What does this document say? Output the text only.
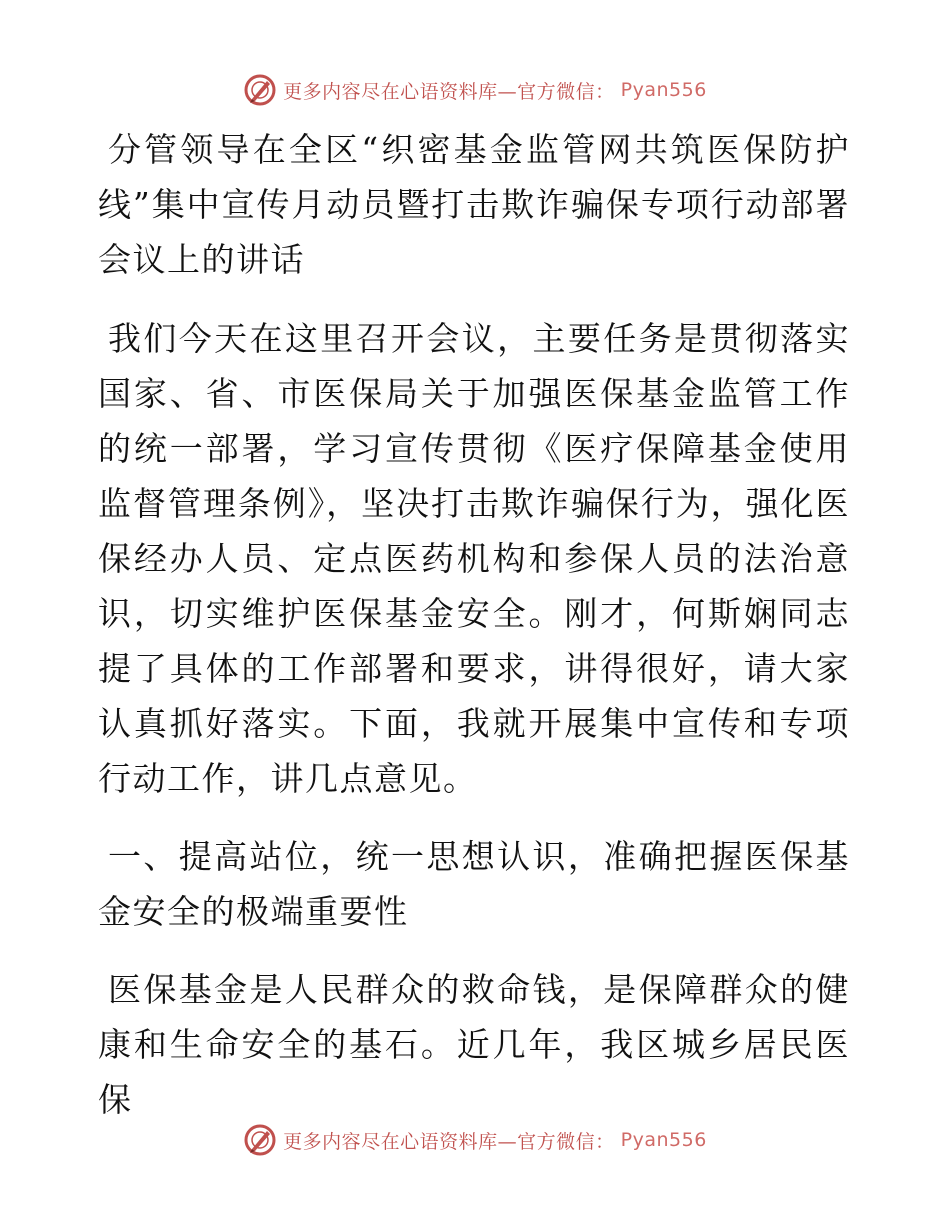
更多内容尽在心语资料库—官方微信： Pyan556

分管领导在全区“织密基金监管网共筑医保防护线”集中宣传月动员暨打击欺诈骗保专项行动部署会议上的讲话

我们今天在这里召开会议，主要任务是贯彻落实国家、省、市医保局关于加强医保基金监管工作的统一部署，学习宣传贯彻《医疗保障基金使用监督管理条例》，坚决打击欺诈骗保行为，强化医保经办人员、定点医药机构和参保人员的法治意识，切实维护医保基金安全。刚才，何斯娴同志提了具体的工作部署和要求，讲得很好，请大家认真抓好落实。下面，我就开展集中宣传和专项行动工作，讲几点意见。

一、提高站位，统一思想认识，准确把握医保基金安全的极端重要性

医保基金是人民群众的救命钱，是保障群众的健康和生命安全的基石。近几年，我区城乡居民医保

更多内容尽在心语资料库—官方微信： Pyan556
